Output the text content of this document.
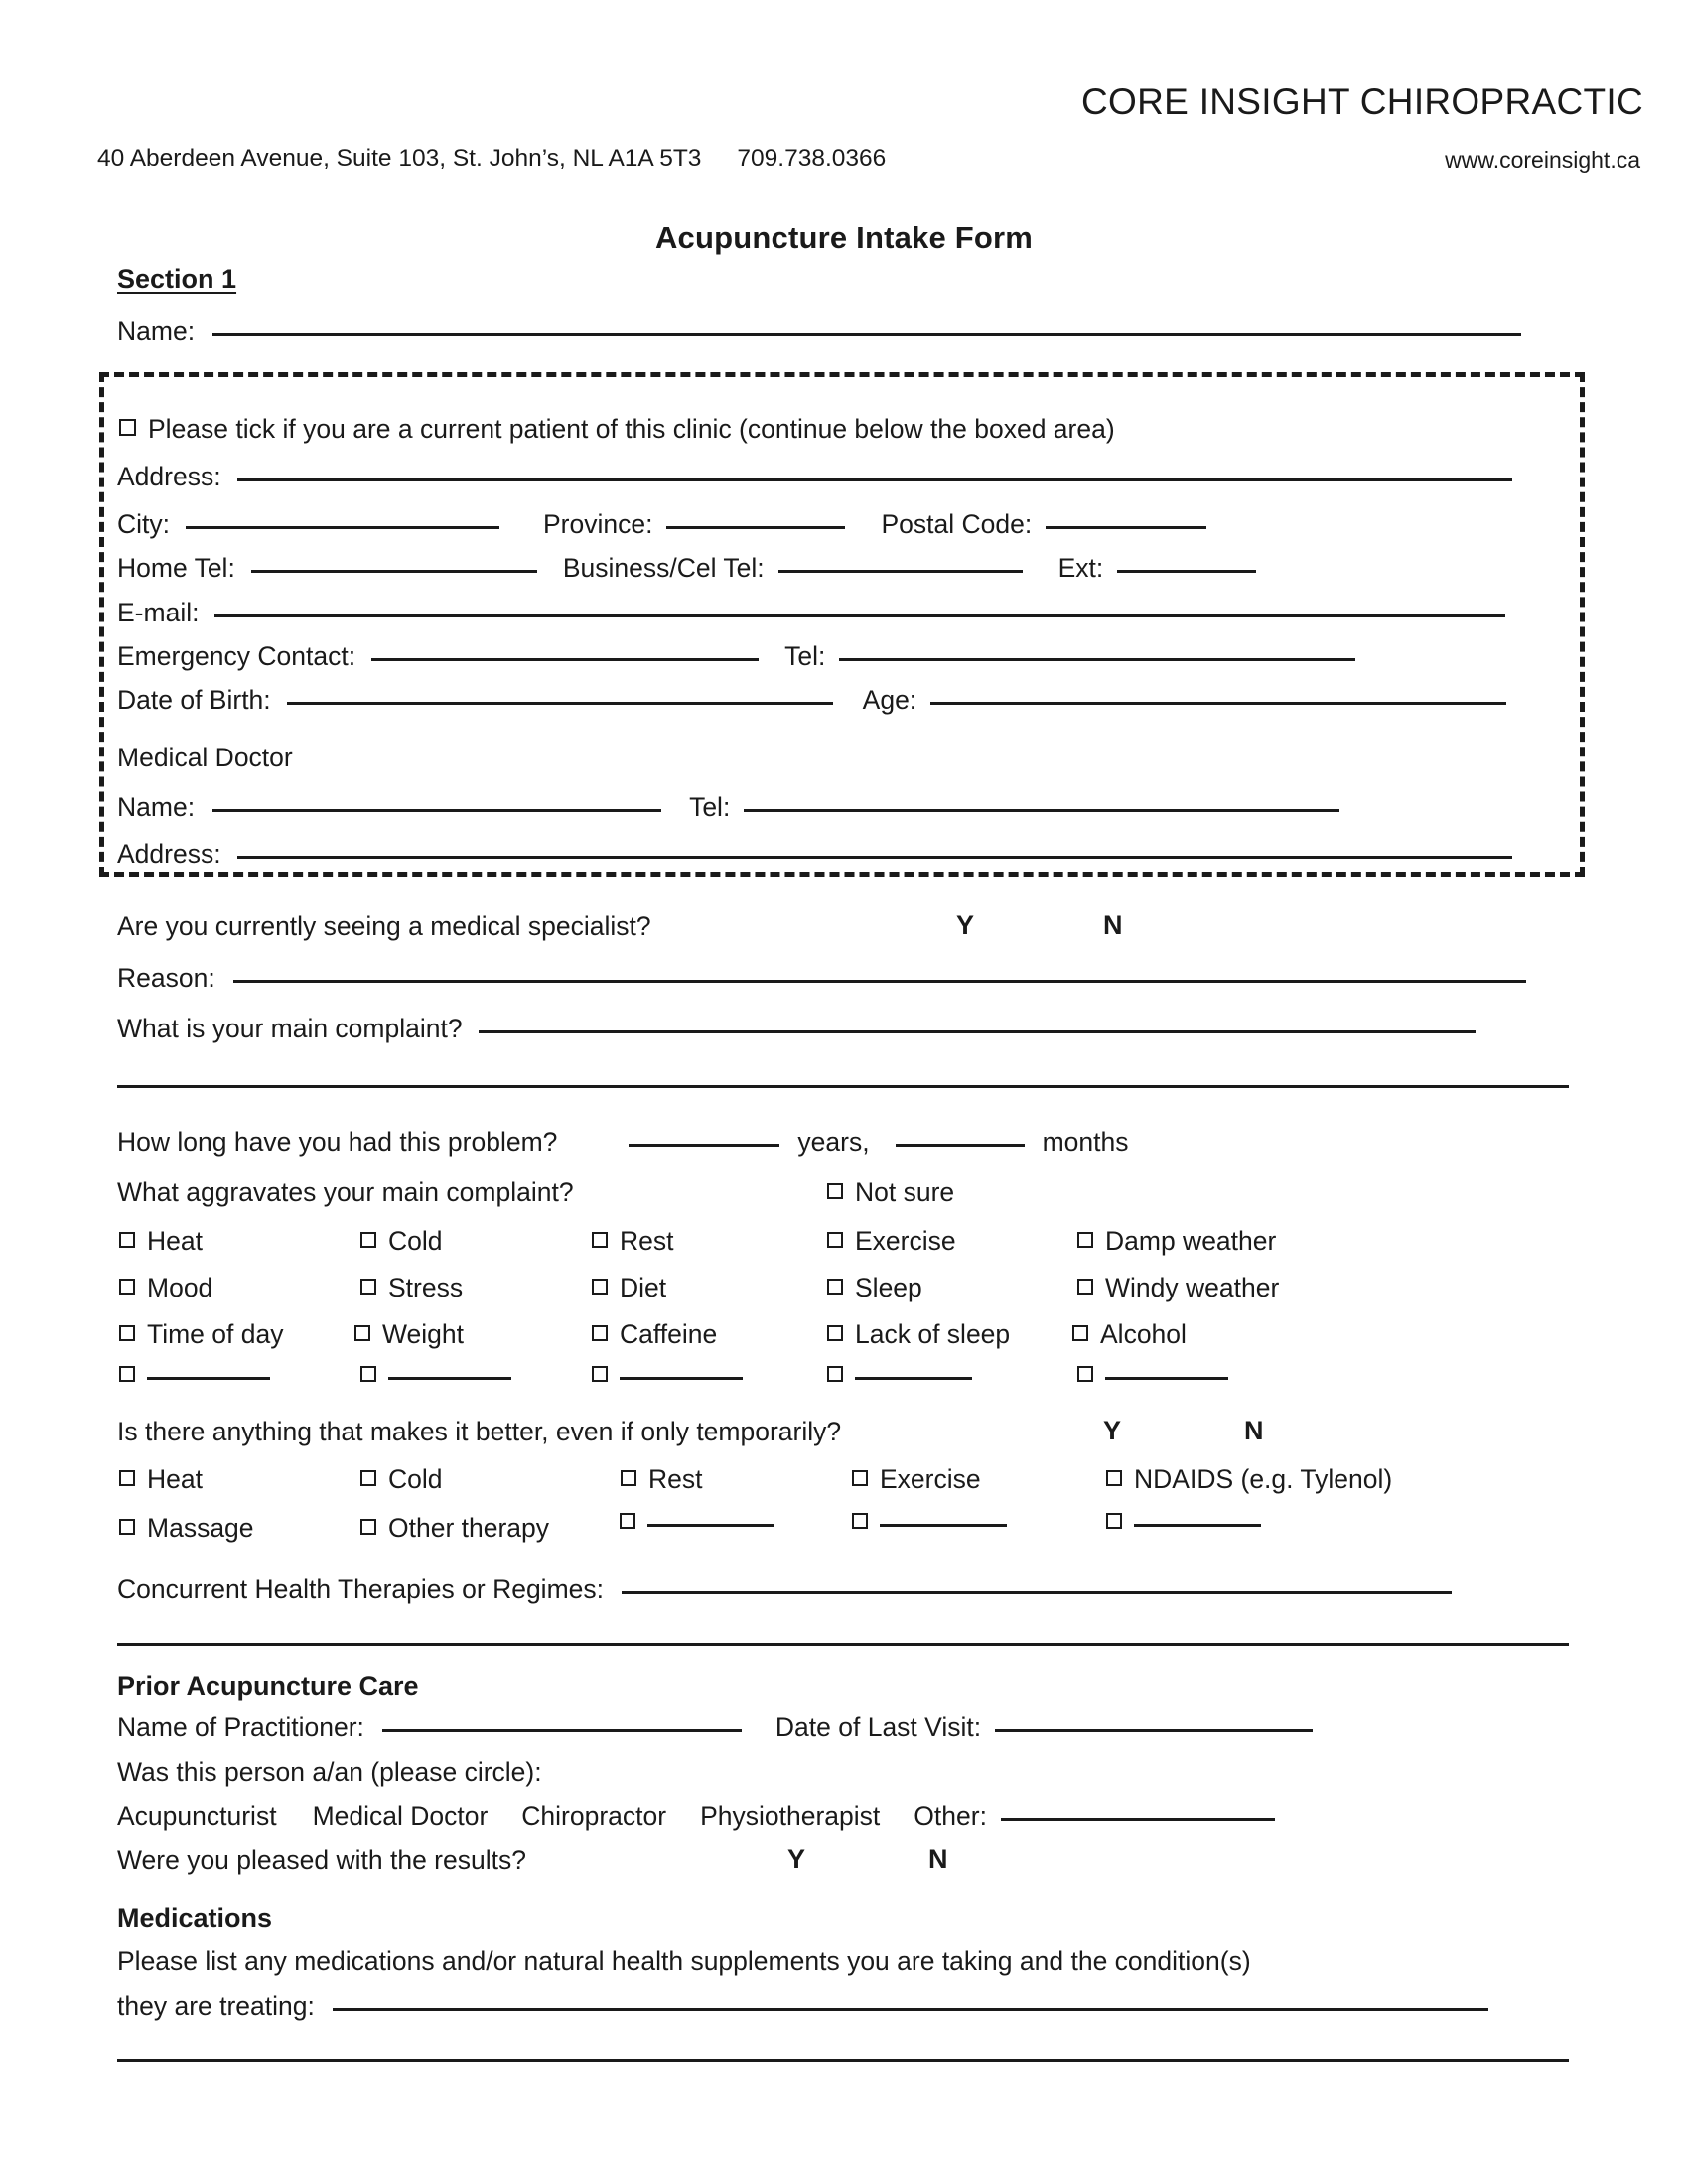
CORE INSIGHT CHIROPRACTIC
40 Aberdeen Avenue, Suite 103, St. John’s, NL A1A 5T3 709.738.0366	www.coreinsight.ca
Acupuncture Intake Form
Section 1
Name:
Please tick if you are a current patient of this clinic (continue below the boxed area)
Address:
City:	Province:	Postal Code:
Home Tel:	Business/Cel Tel:	Ext:
E-mail:
Emergency Contact:	Tel:
Date of Birth:	Age:
Medical Doctor
Name:	Tel:
Address:
Are you currently seeing a medical specialist?	Y	N
Reason:
What is your main complaint?
How long have you had this problem?	years,	months
What aggravates your main complaint?	Not sure
Heat	Cold	Rest	Exercise	Damp weather
Mood	Stress	Diet	Sleep	Windy weather
Time of day	Weight	Caffeine	Lack of sleep	Alcohol
Is there anything that makes it better, even if only temporarily?	Y	N
Heat	Cold	Rest	Exercise	NDAIDS (e.g. Tylenol)
Massage	Other therapy
Concurrent Health Therapies or Regimes:
Prior Acupuncture Care
Name of Practitioner:	Date of Last Visit:
Was this person a/an (please circle):
Acupuncturist Medical Doctor Chiropractor Physiotherapist Other:
Were you pleased with the results?	Y	N
Medications
Please list any medications and/or natural health supplements you are taking and the condition(s)
they are treating:
